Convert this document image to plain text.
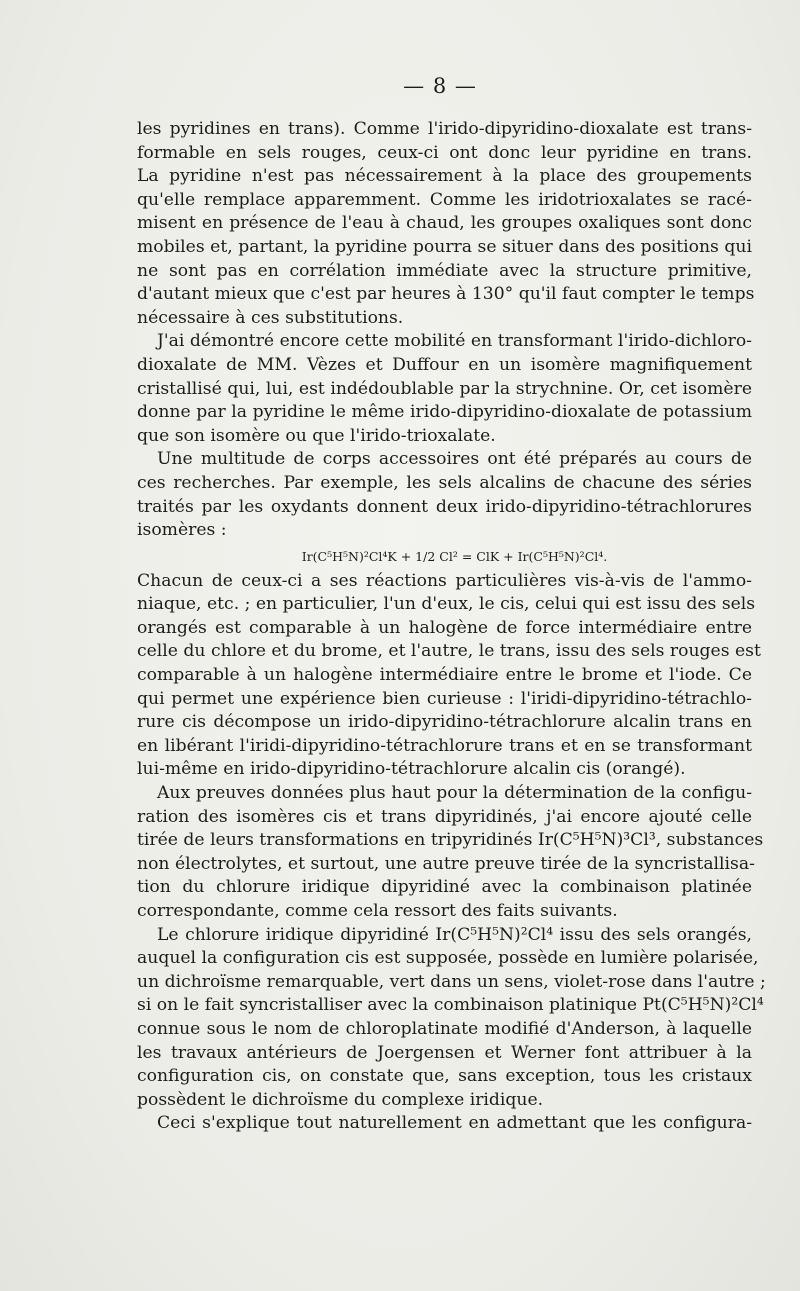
— 8 —
les pyridines en trans). Comme l'irido-dipyridino-dioxalate est trans-
formable en sels rouges, ceux-ci ont donc leur pyridine en trans.
La pyridine n'est pas nécessairement à la place des groupements
qu'elle remplace apparemment. Comme les iridotrioxalates se racé-
misent en présence de l'eau à chaud, les groupes oxaliques sont donc
mobiles et, partant, la pyridine pourra se situer dans des positions qui
ne sont pas en corrélation immédiate avec la structure primitive,
d'autant mieux que c'est par heures à 130° qu'il faut compter le temps
nécessaire à ces substitutions.
J'ai démontré encore cette mobilité en transformant l'irido-dichloro-
dioxalate de MM. Vèzes et Duffour en un isomère magnifiquement
cristallisé qui, lui, est indédoublable par la strychnine. Or, cet isomère
donne par la pyridine le même irido-dipyridino-dioxalate de potassium
que son isomère ou que l'irido-trioxalate.
Une multitude de corps accessoires ont été préparés au cours de
ces recherches. Par exemple, les sels alcalins de chacune des séries
traités par les oxydants donnent deux irido-dipyridino-tétrachlorures
isomères :
Ir(C⁵H⁵N)²Cl⁴K + 1/2 Cl² = ClK + Ir(C⁵H⁵N)²Cl⁴.
Chacun de ceux-ci a ses réactions particulières vis-à-vis de l'ammo-
niaque, etc. ; en particulier, l'un d'eux, le cis, celui qui est issu des sels
orangés est comparable à un halogène de force intermédiaire entre
celle du chlore et du brome, et l'autre, le trans, issu des sels rouges est
comparable à un halogène intermédiaire entre le brome et l'iode. Ce
qui permet une expérience bien curieuse : l'iridi-dipyridino-tétrachlo-
rure cis décompose un irido-dipyridino-tétrachlorure alcalin trans en
en libérant l'iridi-dipyridino-tétrachlorure trans et en se transformant
lui-même en irido-dipyridino-tétrachlorure alcalin cis (orangé).
Aux preuves données plus haut pour la détermination de la configu-
ration des isomères cis et trans dipyridinés, j'ai encore ajouté celle
tirée de leurs transformations en tripyridinés Ir(C⁵H⁵N)³Cl³, substances
non électrolytes, et surtout, une autre preuve tirée de la syncristallisa-
tion du chlorure iridique dipyridiné avec la combinaison platinée
correspondante, comme cela ressort des faits suivants.
Le chlorure iridique dipyridiné Ir(C⁵H⁵N)²Cl⁴ issu des sels orangés,
auquel la configuration cis est supposée, possède en lumière polarisée,
un dichroïsme remarquable, vert dans un sens, violet-rose dans l'autre ;
si on le fait syncristalliser avec la combinaison platinique Pt(C⁵H⁵N)²Cl⁴
connue sous le nom de chloroplatinate modifié d'Anderson, à laquelle
les travaux antérieurs de Joergensen et Werner font attribuer à la
configuration cis, on constate que, sans exception, tous les cristaux
possèdent le dichroïsme du complexe iridique.
Ceci s'explique tout naturellement en admettant que les configura-
